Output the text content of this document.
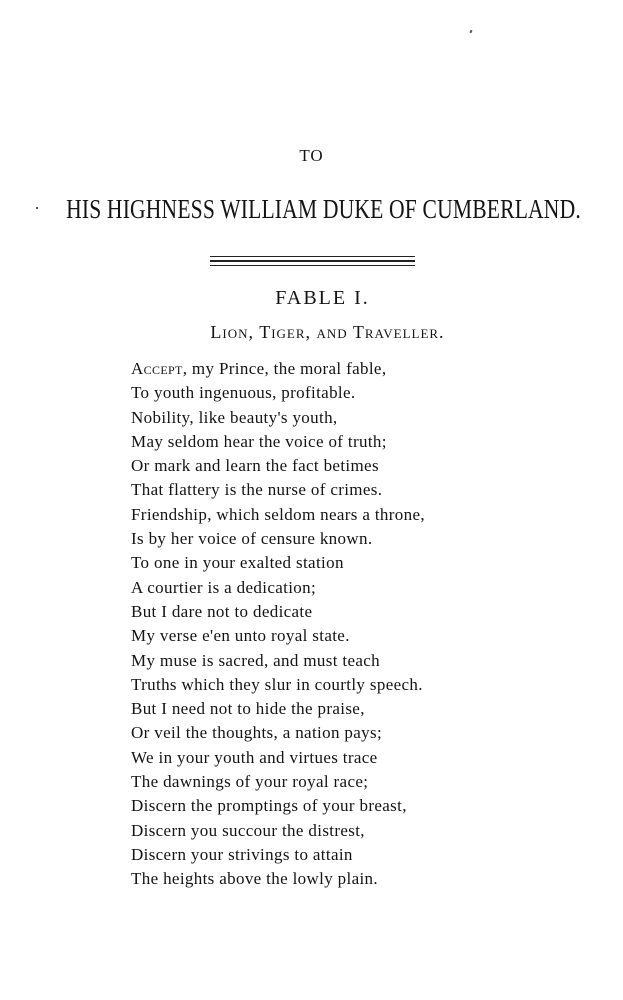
TO
HIS HIGHNESS WILLIAM DUKE OF CUMBERLAND.
FABLE I.
Lion, Tiger, and Traveller.
Accept, my Prince, the moral fable,
To youth ingenuous, profitable.
Nobility, like beauty's youth,
May seldom hear the voice of truth;
Or mark and learn the fact betimes
That flattery is the nurse of crimes.
Friendship, which seldom nears a throne,
Is by her voice of censure known.
To one in your exalted station
A courtier is a dedication;
But I dare not to dedicate
My verse e'en unto royal state.
My muse is sacred, and must teach
Truths which they slur in courtly speech.
But I need not to hide the praise,
Or veil the thoughts, a nation pays;
We in your youth and virtues trace
The dawnings of your royal race;
Discern the promptings of your breast,
Discern you succour the distrest,
Discern your strivings to attain
The heights above the lowly plain.
